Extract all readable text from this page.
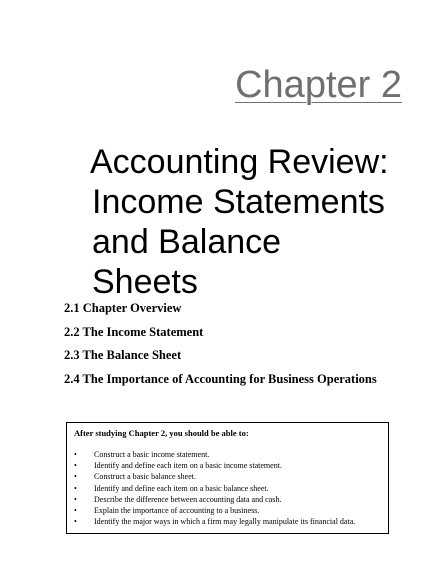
Chapter 2
Accounting Review:
Income Statements
and Balance
Sheets
2.1 Chapter Overview
2.2 The Income Statement
2.3 The Balance Sheet
2.4 The Importance of Accounting for Business Operations
After studying Chapter 2, you should be able to:
• Construct a basic income statement.
• Identify and define each item on a basic income statement.
• Construct a basic balance sheet.
• Identify and define each item on a basic balance sheet.
• Describe the difference between accounting data and cash.
• Explain the importance of accounting to a business.
• Identify the major ways in which a firm may legally manipulate its financial data.
